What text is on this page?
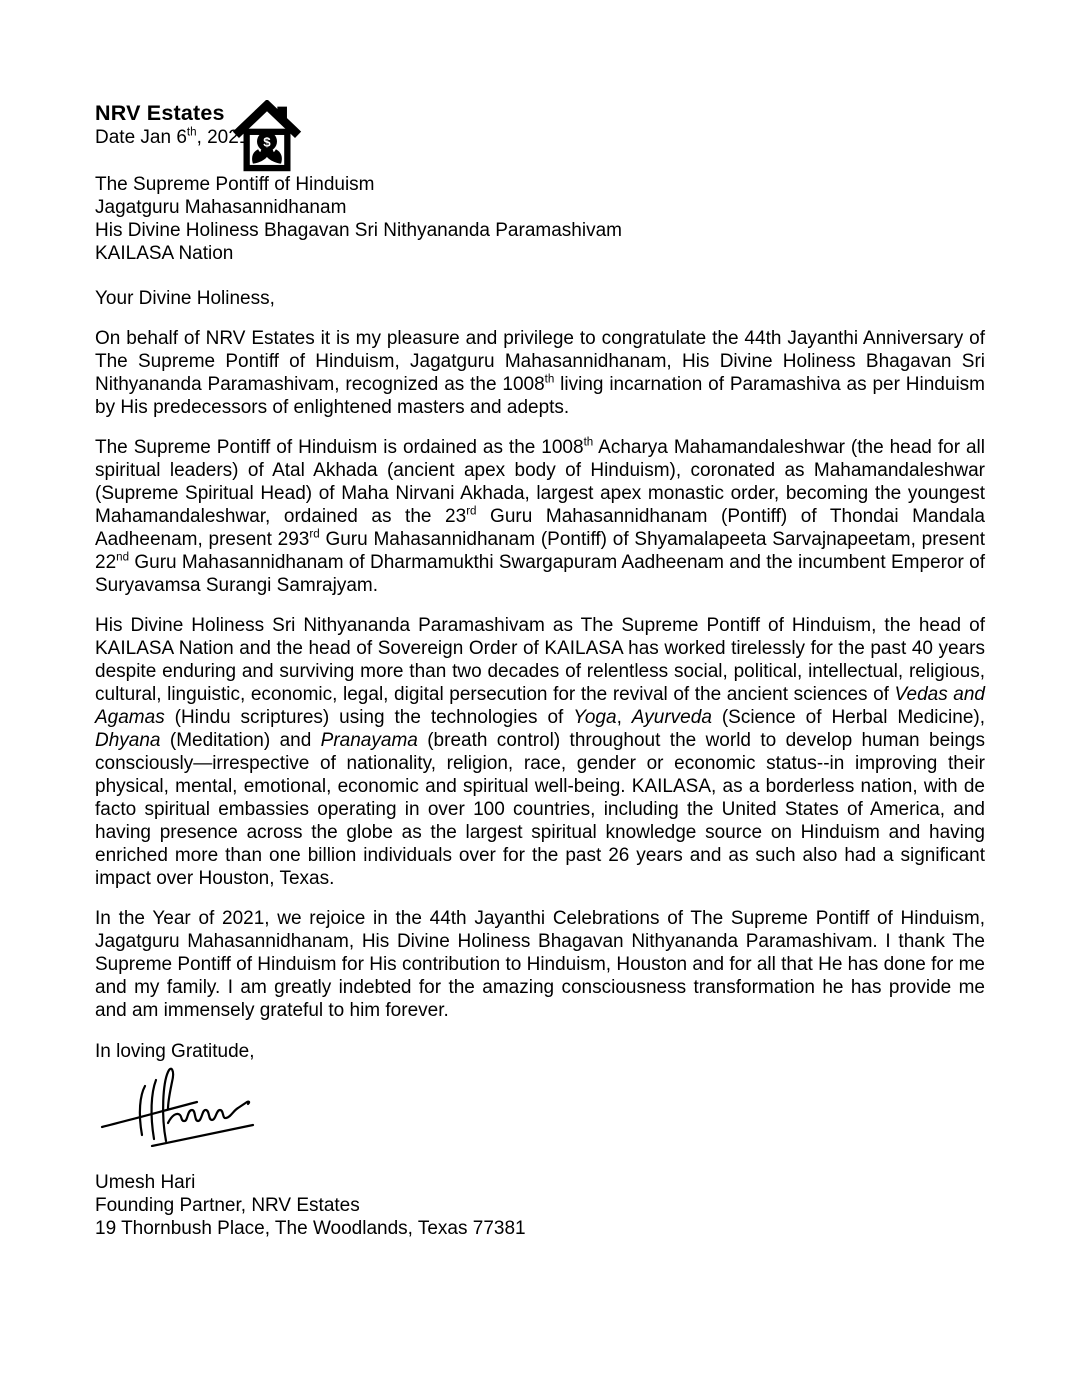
$
NRV Estates
Date Jan 6th, 2021
The Supreme Pontiff of Hinduism
Jagatguru Mahasannidhanam
His Divine Holiness Bhagavan Sri Nithyananda Paramashivam
KAILASA Nation
Your Divine Holiness,
On behalf of NRV Estates it is my pleasure and privilege to congratulate the 44th Jayanthi Anniversary of The Supreme Pontiff of Hinduism, Jagatguru Mahasannidhanam, His Divine Holiness Bhagavan Sri Nithyananda Paramashivam, recognized as the 1008th living incarnation of Paramashiva as per Hinduism by His predecessors of enlightened masters and adepts.
The Supreme Pontiff of Hinduism is ordained as the 1008th Acharya Mahamandaleshwar (the head for all spiritual leaders) of Atal Akhada (ancient apex body of Hinduism), coronated as Mahamandaleshwar (Supreme Spiritual Head) of Maha Nirvani Akhada, largest apex monastic order, becoming the youngest Mahamandaleshwar, ordained as the 23rd Guru Mahasannidhanam (Pontiff) of Thondai Mandala Aadheenam, present 293rd Guru Mahasannidhanam (Pontiff) of Shyamalapeeta Sarvajnapeetam, present 22nd Guru Mahasannidhanam of Dharmamukthi Swargapuram Aadheenam and the incumbent Emperor of Suryavamsa Surangi Samrajyam.
His Divine Holiness Sri Nithyananda Paramashivam as The Supreme Pontiff of Hinduism, the head of KAILASA Nation and the head of Sovereign Order of KAILASA has worked tirelessly for the past 40 years despite enduring and surviving more than two decades of relentless social, political, intellectual, religious, cultural, linguistic, economic, legal, digital persecution for the revival of the ancient sciences of Vedas and Agamas (Hindu scriptures) using the technologies of Yoga, Ayurveda (Science of Herbal Medicine), Dhyana (Meditation) and Pranayama (breath control) throughout the world to develop human beings consciously—irrespective of nationality, religion, race, gender or economic status--in improving their physical, mental, emotional, economic and spiritual well-being. KAILASA, as a borderless nation, with de facto spiritual embassies operating in over 100 countries, including the United States of America, and having presence across the globe as the largest spiritual knowledge source on Hinduism and having enriched more than one billion individuals over for the past 26 years and as such also had a significant impact over Houston, Texas.
In the Year of 2021, we rejoice in the 44th Jayanthi Celebrations of The Supreme Pontiff of Hinduism, Jagatguru Mahasannidhanam, His Divine Holiness Bhagavan Nithyananda Paramashivam. I thank The Supreme Pontiff of Hinduism for His contribution to Hinduism, Houston and for all that He has done for me and my family. I am greatly indebted for the amazing consciousness transformation he has provide me and am immensely grateful to him forever.
In loving Gratitude,
Umesh Hari
Founding Partner, NRV Estates
19 Thornbush Place, The Woodlands, Texas 77381
